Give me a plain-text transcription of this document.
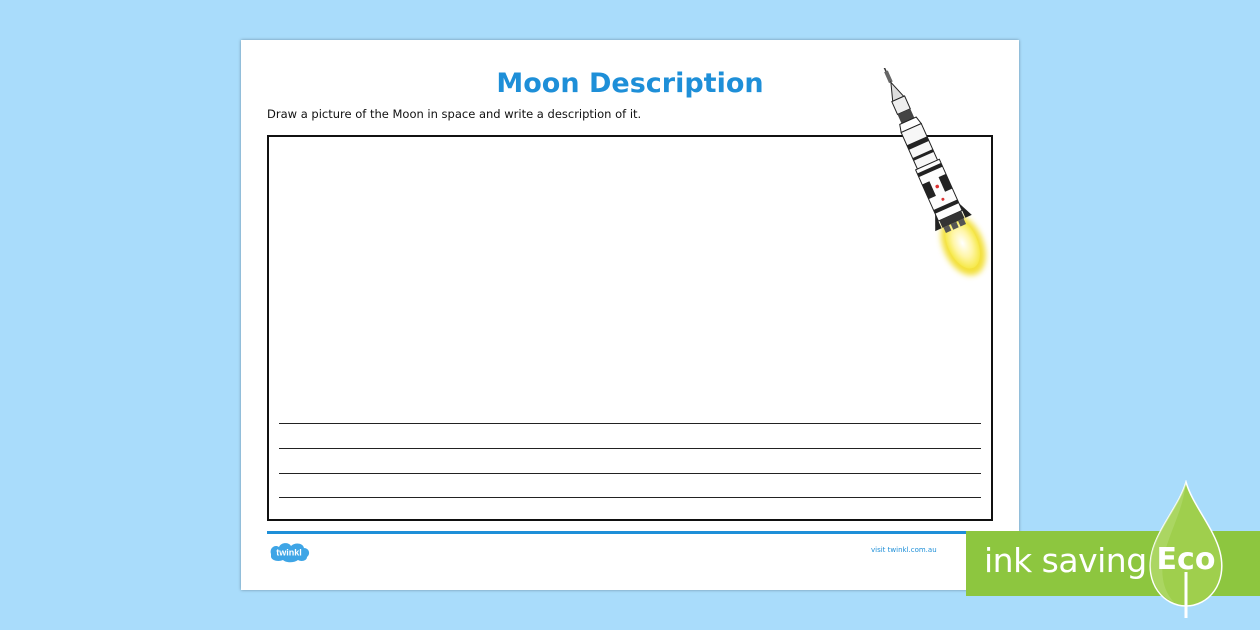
Moon Description
Draw a picture of the Moon in space and write a description of it.
twinkl	visit twinkl.com.au ink saving Eco
